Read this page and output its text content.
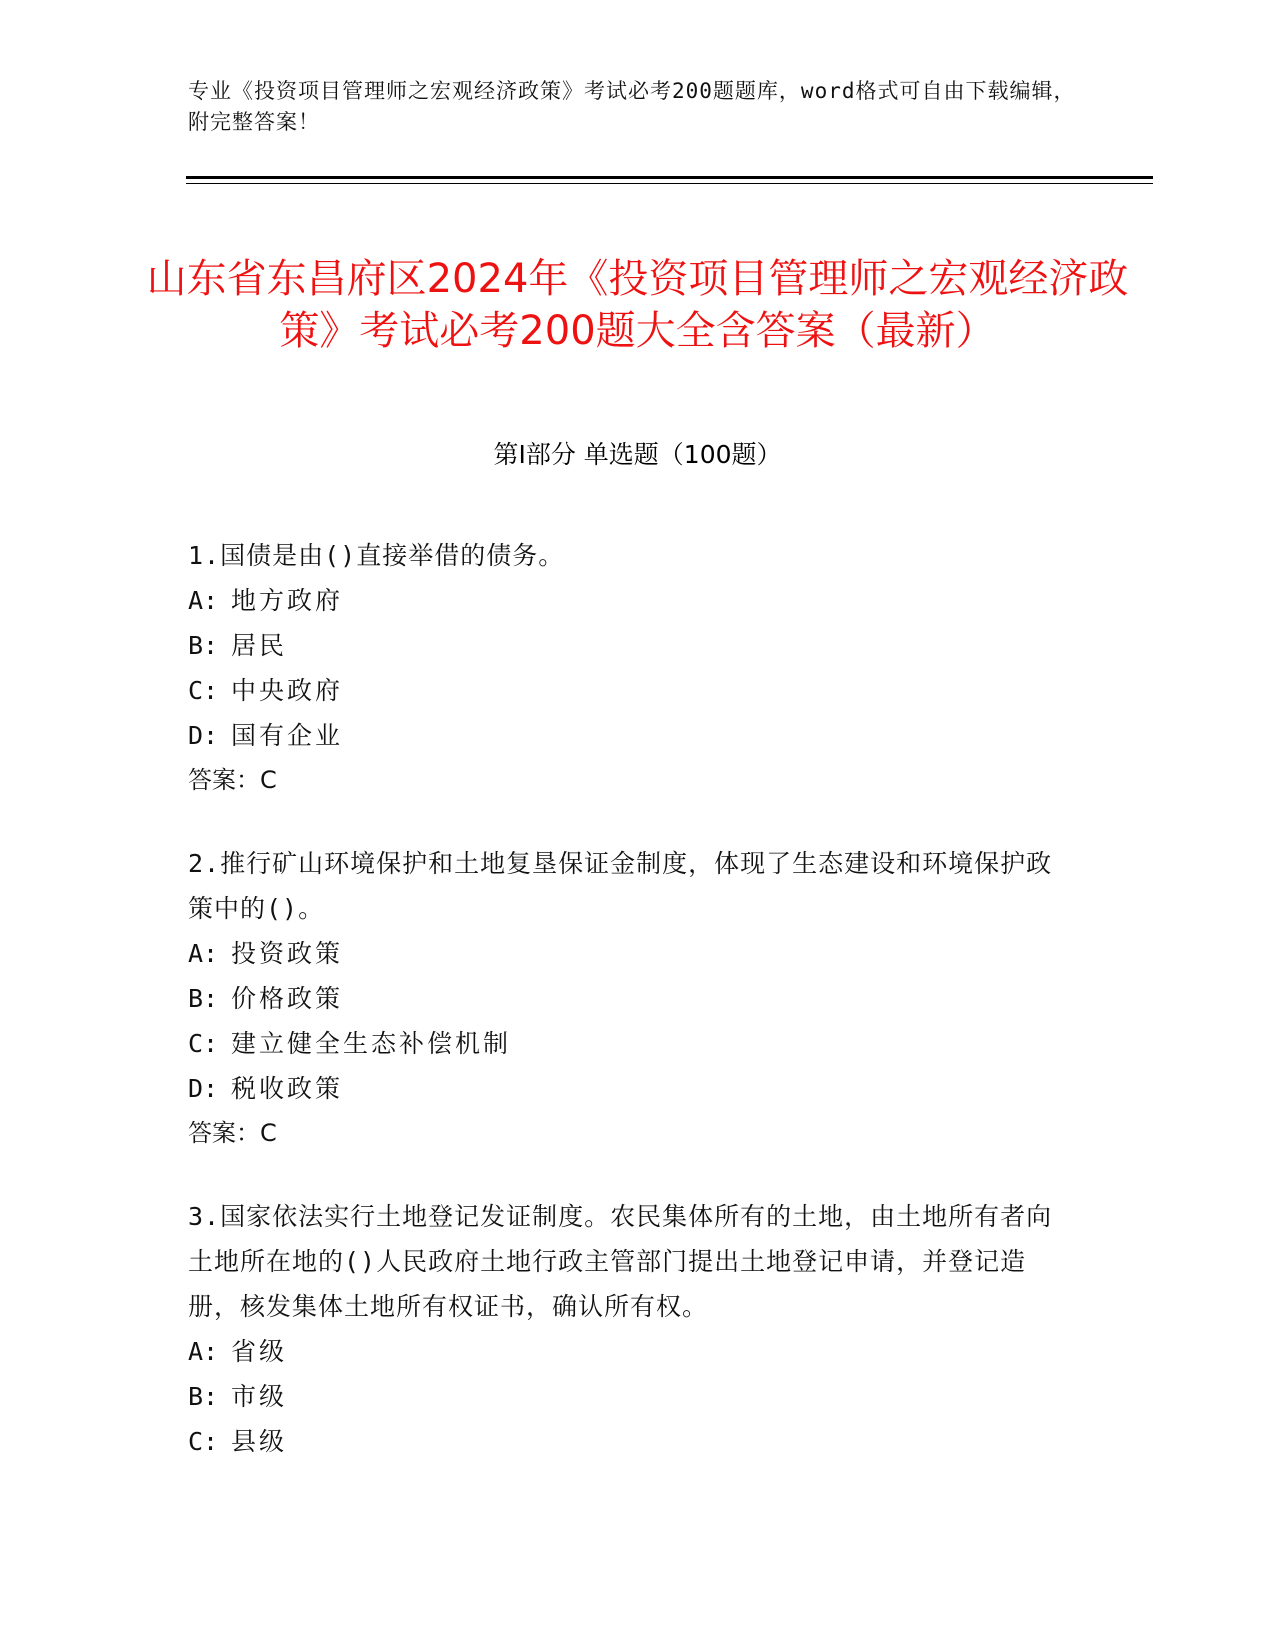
专业《投资项目管理师之宏观经济政策》考试必考200题题库，word格式可自由下载编辑，附完整答案！
山东省东昌府区2024年《投资项目管理师之宏观经济政策》考试必考200题大全含答案（最新）
第Ⅰ部分 单选题（100题）
1.国债是由()直接举借的债务。
A: 地方政府
B: 居民
C: 中央政府
D: 国有企业
答案：C
2.推行矿山环境保护和土地复垦保证金制度，体现了生态建设和环境保护政策中的()。
A: 投资政策
B: 价格政策
C: 建立健全生态补偿机制
D: 税收政策
答案：C
3.国家依法实行土地登记发证制度。农民集体所有的土地，由土地所有者向土地所在地的()人民政府土地行政主管部门提出土地登记申请，并登记造册，核发集体土地所有权证书，确认所有权。
A: 省级
B: 市级
C: 县级
